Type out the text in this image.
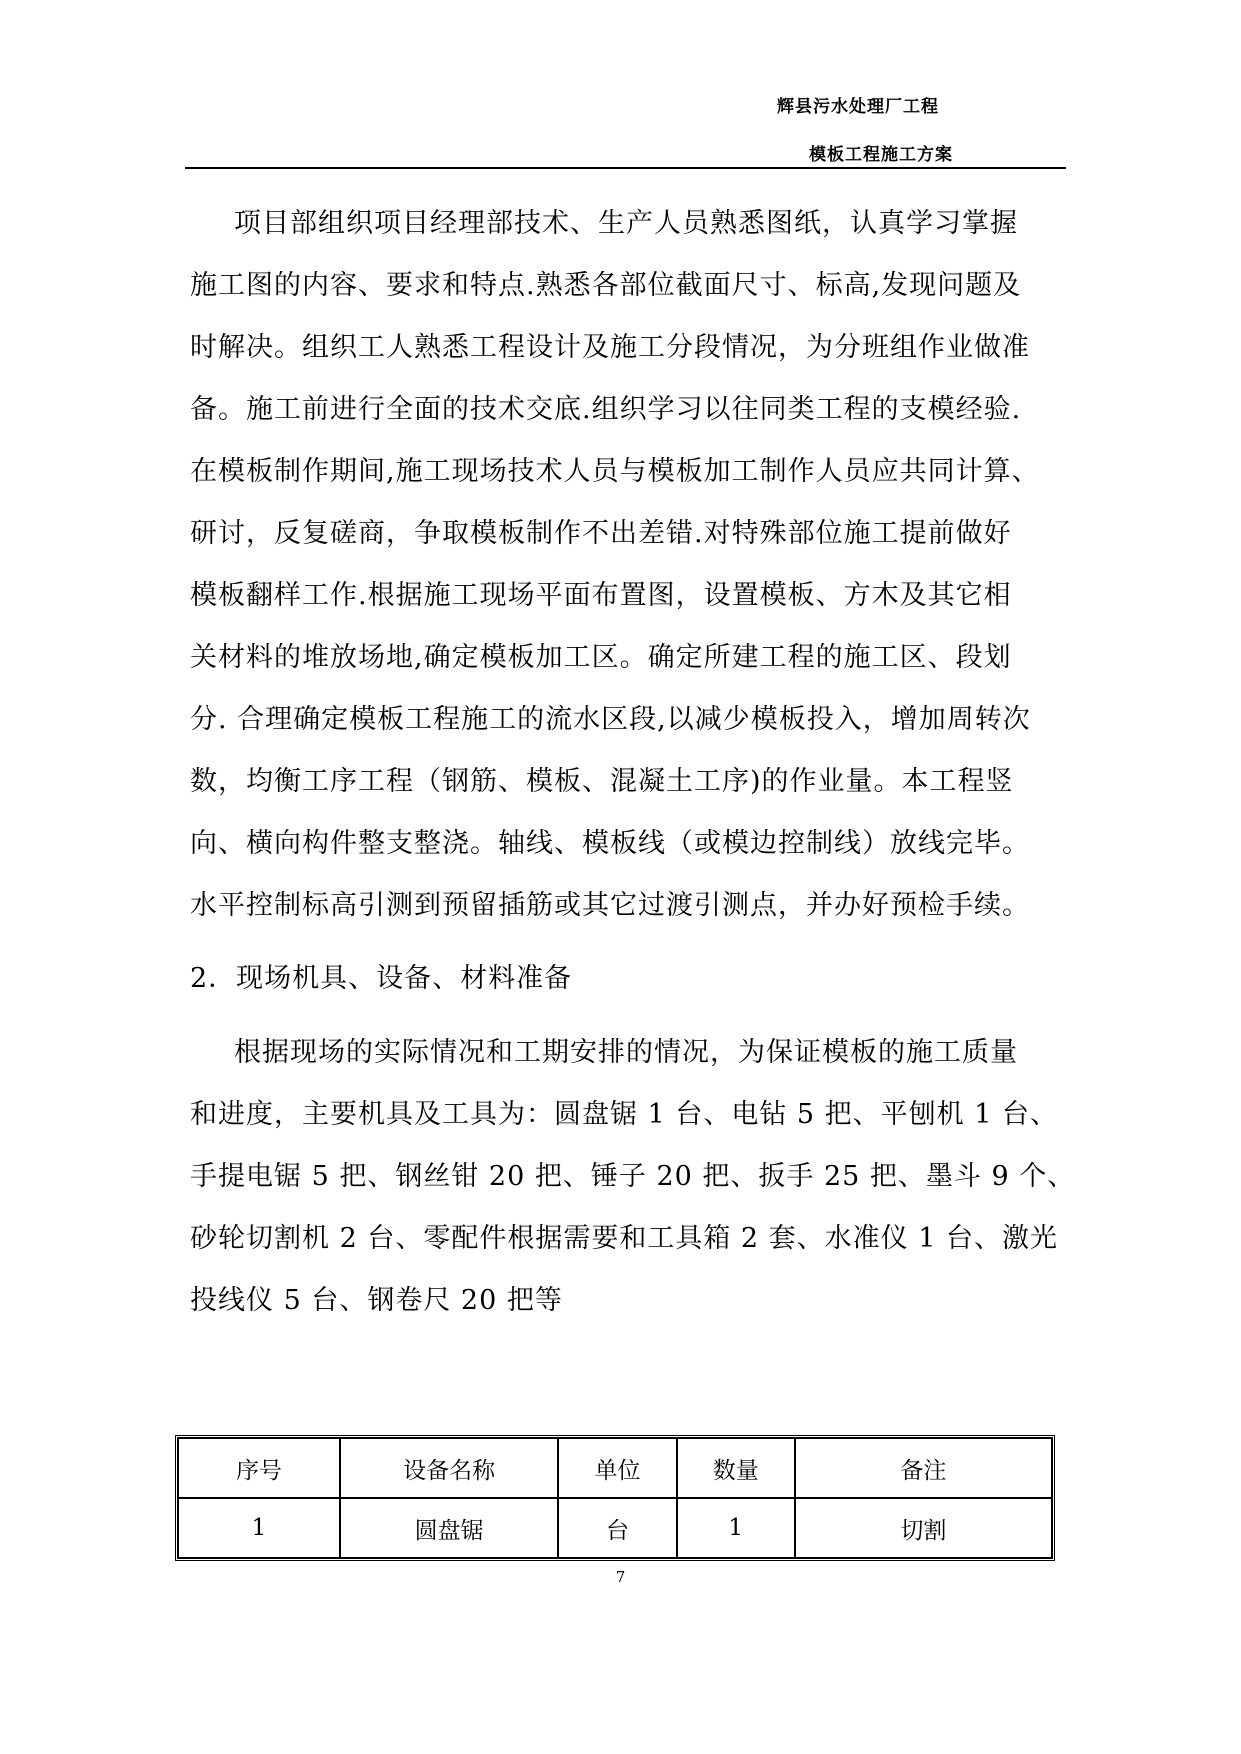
辉县污水处理厂工程
模板工程施工方案
项目部组织项目经理部技术、生产人员熟悉图纸，认真学习掌握
施工图的内容、要求和特点.熟悉各部位截面尺寸、标高,发现问题及
时解决。组织工人熟悉工程设计及施工分段情况，为分班组作业做准
备。施工前进行全面的技术交底.组织学习以往同类工程的支模经验.
在模板制作期间,施工现场技术人员与模板加工制作人员应共同计算、
研讨，反复磋商，争取模板制作不出差错.对特殊部位施工提前做好
模板翻样工作.根据施工现场平面布置图，设置模板、方木及其它相
关材料的堆放场地,确定模板加工区。确定所建工程的施工区、段划
分. 合理确定模板工程施工的流水区段,以减少模板投入，增加周转次
数，均衡工序工程（钢筋、模板、混凝土工序)的作业量。本工程竖
向、横向构件整支整浇。轴线、模板线（或模边控制线）放线完毕。
水平控制标高引测到预留插筋或其它过渡引测点，并办好预检手续。
2．现场机具、设备、材料准备
根据现场的实际情况和工期安排的情况，为保证模板的施工质量
和进度，主要机具及工具为：圆盘锯 1 台、电钻 5 把、平刨机 1 台、
手提电锯 5 把、钢丝钳 20 把、锤子 20 把、扳手 25 把、墨斗 9 个、
砂轮切割机 2 台、零配件根据需要和工具箱 2 套、水准仪 1 台、激光
投线仪 5 台、钢卷尺 20 把等
序号	设备名称	单位	数量	备注
1	圆盘锯	台	1	切割
7
